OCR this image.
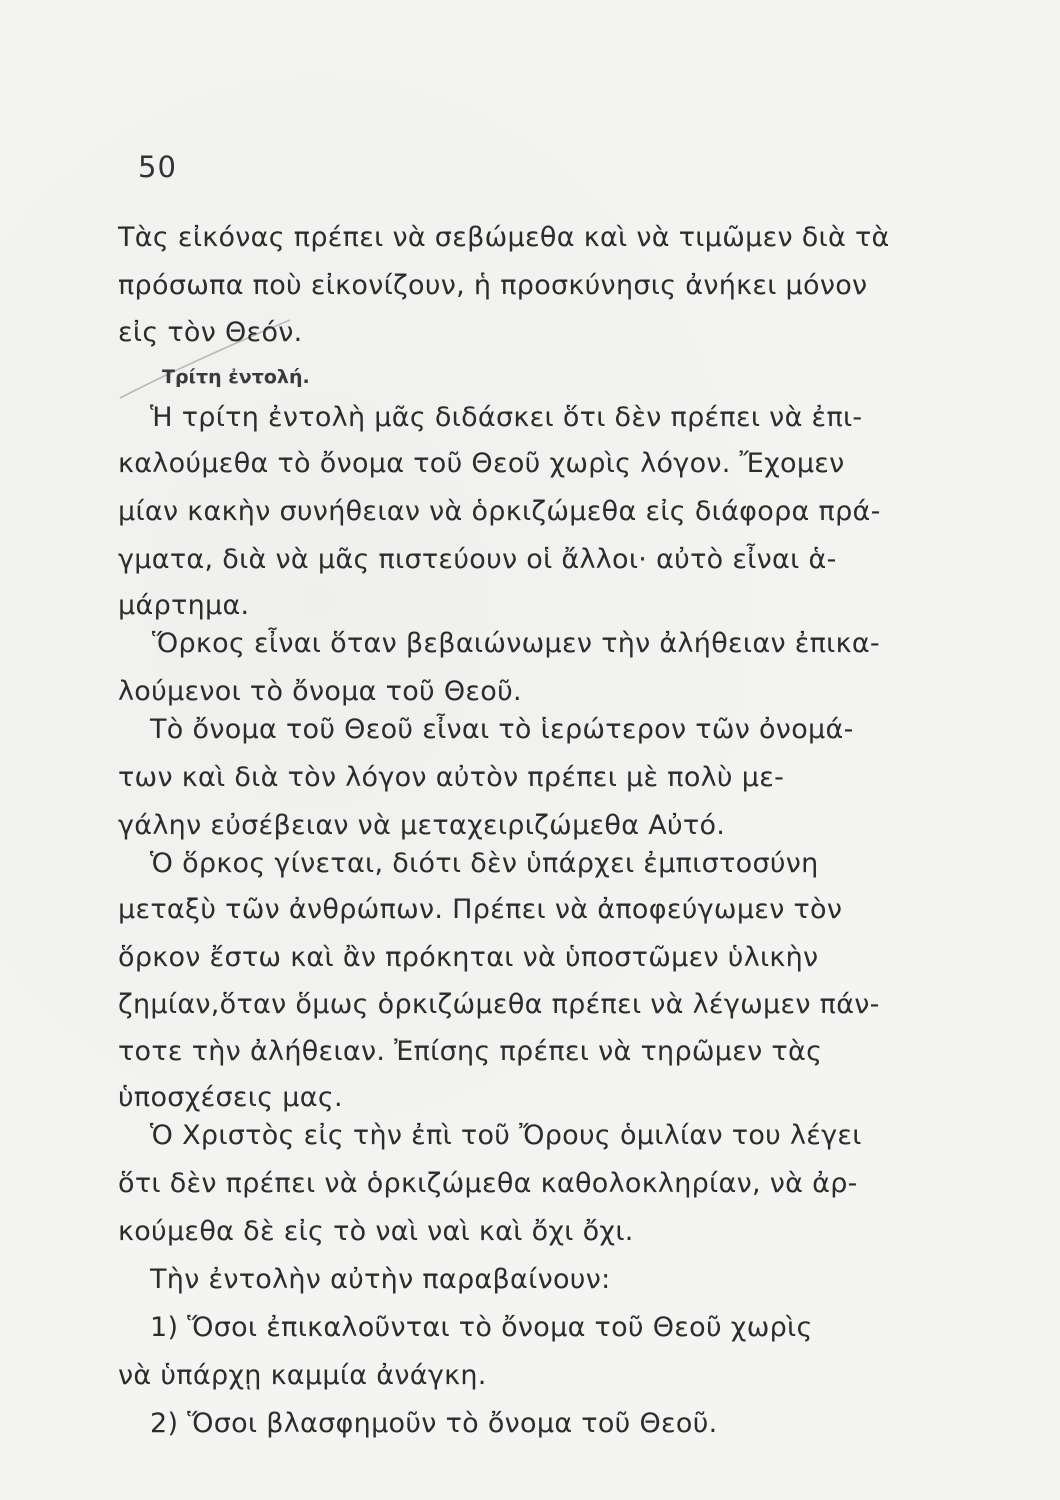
50
Τὰς εἰκόνας πρέπει νὰ σεβώμεθα καὶ νὰ τιμῶμεν διὰ τὰ
πρόσωπα ποὺ εἰκονίζουν, ἡ προσκύνησις ἀνήκει μόνον
εἰς τὸν Θεόν.
Τρίτη ἐντολή.
Ἡ τρίτη ἐντολὴ μᾶς διδάσκει ὅτι δὲν πρέπει νὰ ἐπι-
καλούμεθα τὸ ὄνομα τοῦ Θεοῦ χωρὶς λόγον. Ἔχομεν
μίαν κακὴν συνήθειαν νὰ ὁρκιζώμεθα εἰς διάφορα πρά-
γματα, διὰ νὰ μᾶς πιστεύουν οἱ ἄλλοι· αὐτὸ εἶναι ἁ-
μάρτημα.
Ὅρκος εἶναι ὅταν βεβαιώνωμεν τὴν ἀλήθειαν ἐπικα-
λούμενοι τὸ ὄνομα τοῦ Θεοῦ.
Τὸ ὄνομα τοῦ Θεοῦ εἶναι τὸ ἱερώτερον τῶν ὀνομά-
των καὶ διὰ τὸν λόγον αὐτὸν πρέπει μὲ πολὺ με-
γάλην εὐσέβειαν νὰ μεταχειριζώμεθα Αὐτό.
Ὁ ὅρκος γίνεται, διότι δὲν ὑπάρχει ἐμπιστοσύνη
μεταξὺ τῶν ἀνθρώπων. Πρέπει νὰ ἀποφεύγωμεν τὸν
ὅρκον ἔστω καὶ ἂν πρόκηται νὰ ὑποστῶμεν ὑλικὴν
ζημίαν,ὅταν ὅμως ὁρκιζώμεθα πρέπει νὰ λέγωμεν πάν-
τοτε τὴν ἀλήθειαν. Ἐπίσης πρέπει νὰ τηρῶμεν τὰς
ὑποσχέσεις μας.
Ὁ Χριστὸς εἰς τὴν ἐπὶ τοῦ Ὄρους ὁμιλίαν του λέγει
ὅτι δὲν πρέπει νὰ ὁρκιζώμεθα καθολοκληρίαν, νὰ ἀρ-
κούμεθα δὲ εἰς τὸ ναὶ ναὶ καὶ ὄχι ὄχι.
Τὴν ἐντολὴν αὐτὴν παραβαίνουν:
1) Ὅσοι ἐπικαλοῦνται τὸ ὄνομα τοῦ Θεοῦ χωρὶς
νὰ ὑπάρχῃ καμμία ἀνάγκη.
2) Ὅσοι βλασφημοῦν τὸ ὄνομα τοῦ Θεοῦ.
